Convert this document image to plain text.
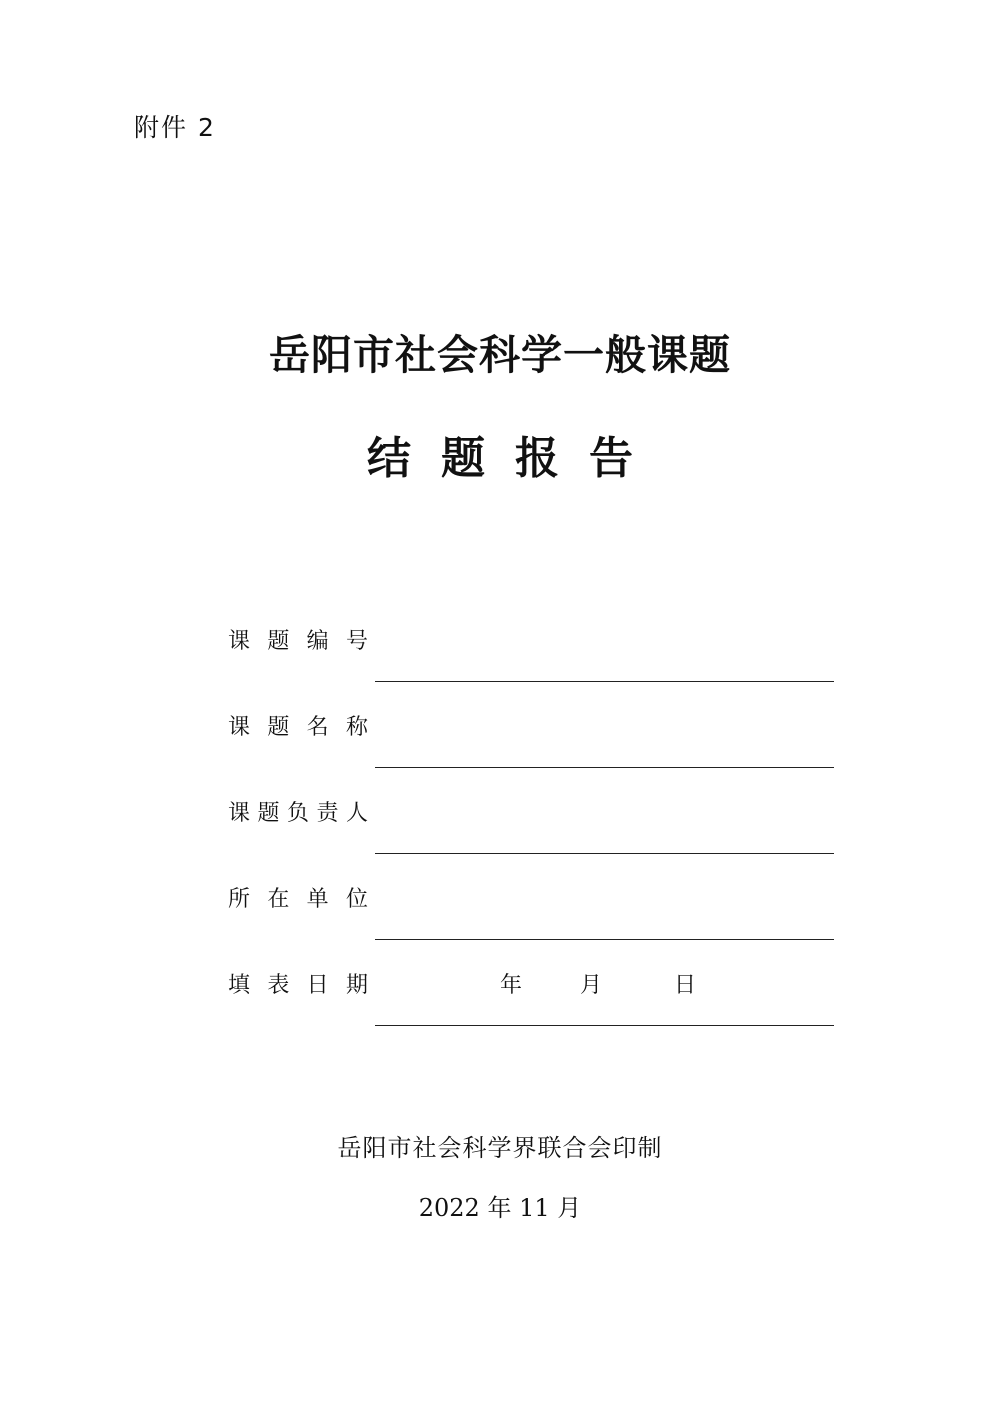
附件 2
岳阳市社会科学一般课题
结题报告
课 题 编 号
课 题 名 称
课 题 负 责 人
所 在 单 位
填 表 日 期	年	月	日
岳阳市社会科学界联合会印制
2022 年 11 月
